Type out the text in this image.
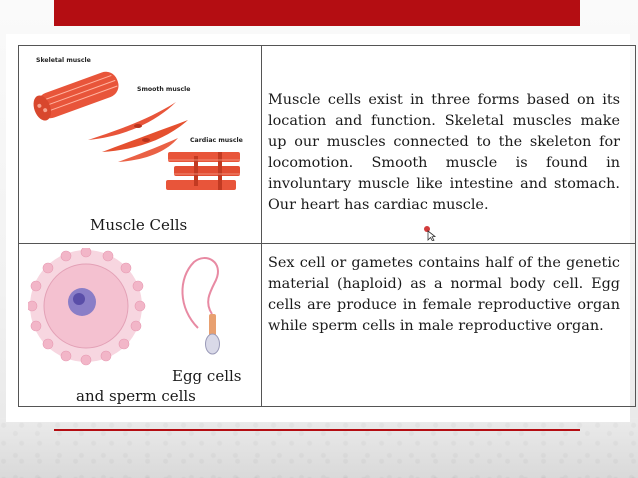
Skeletal muscle
Smooth muscle
Cardiac muscle
Muscle Cells
Muscle cells exist in three forms based on its location and function. Skeletal muscles make up our muscles connected to the skeleton for locomotion. Smooth muscle is found in involuntary muscle like intestine and stomach. Our heart has cardiac muscle.
Egg cells
and sperm cells
Sex cell or gametes contains half of the genetic material (haploid) as a normal body cell. Egg cells are produce in female reproductive organ while sperm cells in male reproductive organ.
